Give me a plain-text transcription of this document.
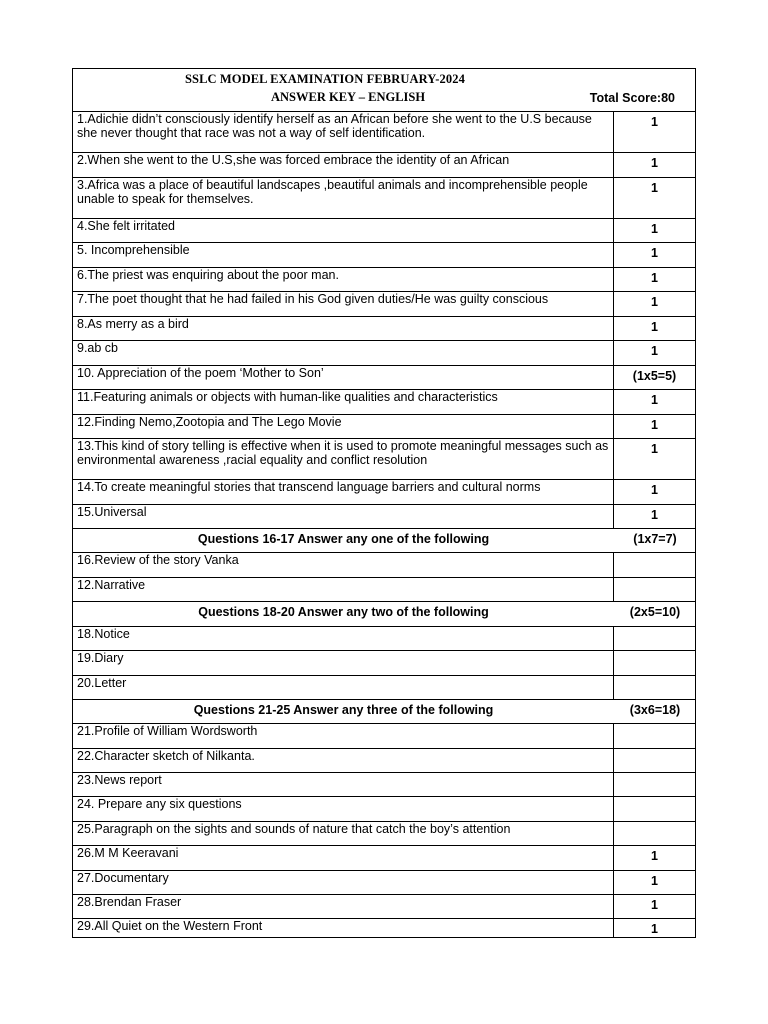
SSLC MODEL EXAMINATION FEBRUARY-2024
ANSWER KEY – ENGLISH Total Score:80	

1.Adichie didn’t consciously identify herself as an African before she went to the U.S because she never thought that race was not a way of self identification.	1
2.When she went to the U.S,she was forced embrace the identity of an African	1
3.Africa was a place of beautiful landscapes ,beautiful animals and incomprehensible people unable to speak for themselves.	1
4.She felt irritated	1
5. Incomprehensible	1
6.The priest was enquiring about the poor man.	1
7.The poet thought that he had failed in his God given duties/He was guilty conscious	1
8.As merry as a bird	1
9.ab cb	1
10. Appreciation of the poem ‘Mother to Son’	(1x5=5)
11.Featuring animals or objects with human-like qualities and characteristics	1
12.Finding Nemo,Zootopia and The Lego Movie	1
13.This kind of story telling is effective when it is used to promote meaningful messages such as environmental awareness ,racial equality and conflict resolution	1
14.To create meaningful stories that transcend language barriers and cultural norms	1
15.Universal	1

Questions 16-17 Answer any one of the following (1x7=7)	

16.Review of the story Vanka	
12.Narrative	

Questions 18-20 Answer any two of the following (2x5=10)	

18.Notice	
19.Diary	
20.Letter	

Questions 21-25 Answer any three of the following (3x6=18)	

21.Profile of William Wordsworth	
22.Character sketch of Nilkanta.	
23.News report	
24. Prepare any six questions	
25.Paragraph on the sights and sounds of nature that catch the boy’s attention	
26.M M Keeravani	1
27.Documentary	1
28.Brendan Fraser	1
29.All Quiet on the Western Front	1
